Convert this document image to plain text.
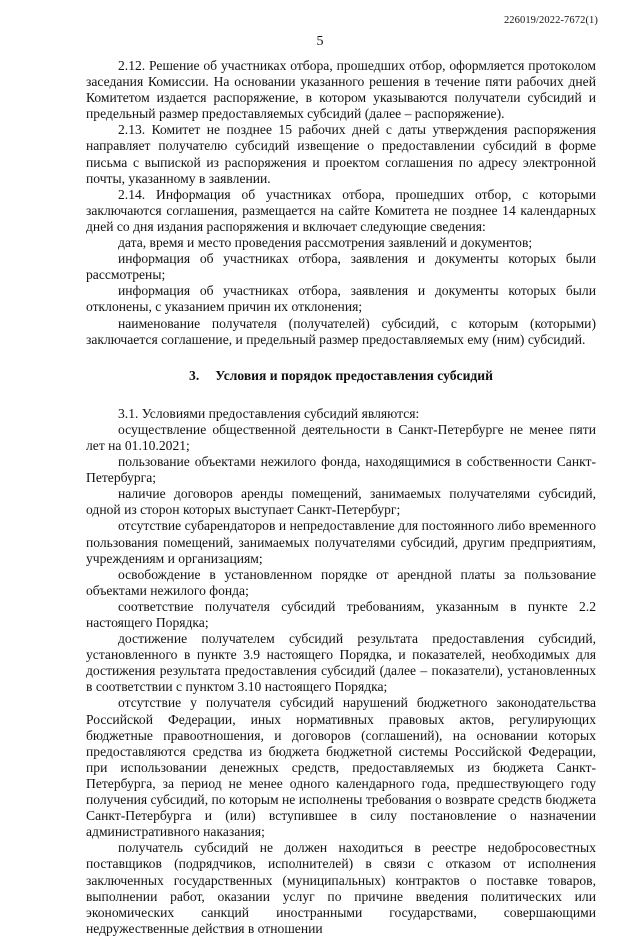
226019/2022-7672(1)
5

2.12. Решение об участниках отбора, прошедших отбор, оформляется протоколом заседания Комиссии. На основании указанного решения в течение пяти рабочих дней Комитетом издается распоряжение, в котором указываются получатели субсидий и предельный размер предоставляемых субсидий (далее – распоряжение).

2.13. Комитет не позднее 15 рабочих дней с даты утверждения распоряжения направляет получателю субсидий извещение о предоставлении субсидий в форме письма с выпиской из распоряжения и проектом соглашения по адресу электронной почты, указанному в заявлении.

2.14. Информация об участниках отбора, прошедших отбор, с которыми заключаются соглашения, размещается на сайте Комитета не позднее 14 календарных дней со дня издания распоряжения и включает следующие сведения:

дата, время и место проведения рассмотрения заявлений и документов;

информация об участниках отбора, заявления и документы которых были рассмотрены;

информация об участниках отбора, заявления и документы которых были отклонены, с указанием причин их отклонения;

наименование получателя (получателей) субсидий, с которым (которыми) заключается соглашение, и предельный размер предоставляемых ему (ним) субсидий.

3. Условия и порядок предоставления субсидий

3.1. Условиями предоставления субсидий являются:

осуществление общественной деятельности в Санкт-Петербурге не менее пяти лет на 01.10.2021;

пользование объектами нежилого фонда, находящимися в собственности Санкт-Петербурга;

наличие договоров аренды помещений, занимаемых получателями субсидий, одной из сторон которых выступает Санкт-Петербург;

отсутствие субарендаторов и непредоставление для постоянного либо временного пользования помещений, занимаемых получателями субсидий, другим предприятиям, учреждениям и организациям;

освобождение в установленном порядке от арендной платы за пользование объектами нежилого фонда;

соответствие получателя субсидий требованиям, указанным в пункте 2.2 настоящего Порядка;

достижение получателем субсидий результата предоставления субсидий, установленного в пункте 3.9 настоящего Порядка, и показателей, необходимых для достижения результата предоставления субсидий (далее – показатели), установленных в соответствии с пунктом 3.10 настоящего Порядка;

отсутствие у получателя субсидий нарушений бюджетного законодательства Российской Федерации, иных нормативных правовых актов, регулирующих бюджетные правоотношения, и договоров (соглашений), на основании которых предоставляются средства из бюджета бюджетной системы Российской Федерации, при использовании денежных средств, предоставляемых из бюджета Санкт-Петербурга, за период не менее одного календарного года, предшествующего году получения субсидий, по которым не исполнены требования о возврате средств бюджета Санкт-Петербурга и (или) вступившее в силу постановление о назначении административного наказания;

получатель субсидий не должен находиться в реестре недобросовестных поставщиков (подрядчиков, исполнителей) в связи с отказом от исполнения заключенных государственных (муниципальных) контрактов о поставке товаров, выполнении работ, оказании услуг по причине введения политических или экономических санкций иностранными государствами, совершающими недружественные действия в отношении
